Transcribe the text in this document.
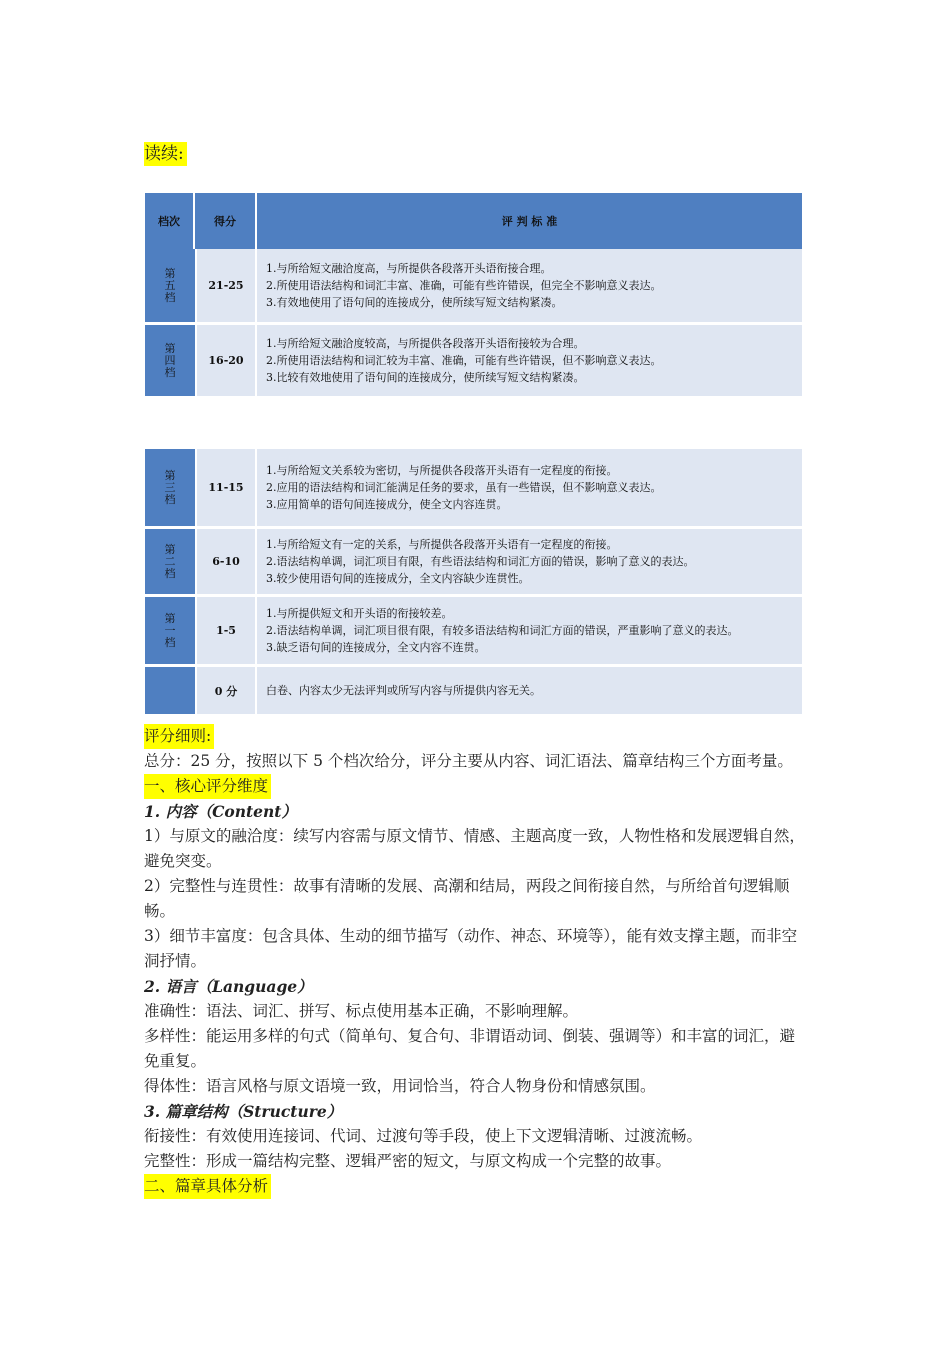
读续:
档次	得分	评 判 标 准
第五档	21-25	1.与所给短文融洽度高，与所提供各段落开头语衔接合理。
2.所使用语法结构和词汇丰富、准确，可能有些许错误，但完全不影响意义表达。
3.有效地使用了语句间的连接成分，使所续写短文结构紧凑。

第四档	16-20	1.与所给短文融洽度较高，与所提供各段落开头语衔接较为合理。
2.所使用语法结构和词汇较为丰富、准确，可能有些许错误，但不影响意义表达。
3.比较有效地使用了语句间的连接成分，使所续写短文结构紧凑。
第三档	11-15	1.与所给短文关系较为密切，与所提供各段落开头语有一定程度的衔接。
2.应用的语法结构和词汇能满足任务的要求，虽有一些错误，但不影响意义表达。
3.应用简单的语句间连接成分，使全文内容连贯。

第二档	6-10	1.与所给短文有一定的关系，与所提供各段落开头语有一定程度的衔接。
2.语法结构单调，词汇项目有限，有些语法结构和词汇方面的错误，影响了意义的表达。
3.较少使用语句间的连接成分，全文内容缺少连贯性。

第一档	1-5	1.与所提供短文和开头语的衔接较差。
2.语法结构单调，词汇项目很有限，有较多语法结构和词汇方面的错误，严重影响了意义的表达。
3.缺乏语句间的连接成分，全文内容不连贯。

	0 分	白卷、内容太少无法评判或所写内容与所提供内容无关。

评分细则:

总分：25 分，按照以下 5 个档次给分，评分主要从内容、词汇语法、篇章结构三个方面考量。

一、核心评分维度

1. 内容（Content）

1）与原文的融洽度：续写内容需与原文情节、情感、主题高度一致，人物性格和发展逻辑自然，避免突变。

2）完整性与连贯性：故事有清晰的发展、高潮和结局，两段之间衔接自然，与所给首句逻辑顺畅。

3）细节丰富度：包含具体、生动的细节描写（动作、神态、环境等），能有效支撑主题，而非空洞抒情。

2. 语言（Language）

准确性：语法、词汇、拼写、标点使用基本正确，不影响理解。

多样性：能运用多样的句式（简单句、复合句、非谓语动词、倒装、强调等）和丰富的词汇，避免重复。

得体性：语言风格与原文语境一致，用词恰当，符合人物身份和情感氛围。

3. 篇章结构（Structure）

衔接性：有效使用连接词、代词、过渡句等手段，使上下文逻辑清晰、过渡流畅。

完整性：形成一篇结构完整、逻辑严密的短文，与原文构成一个完整的故事。

二、篇章具体分析
